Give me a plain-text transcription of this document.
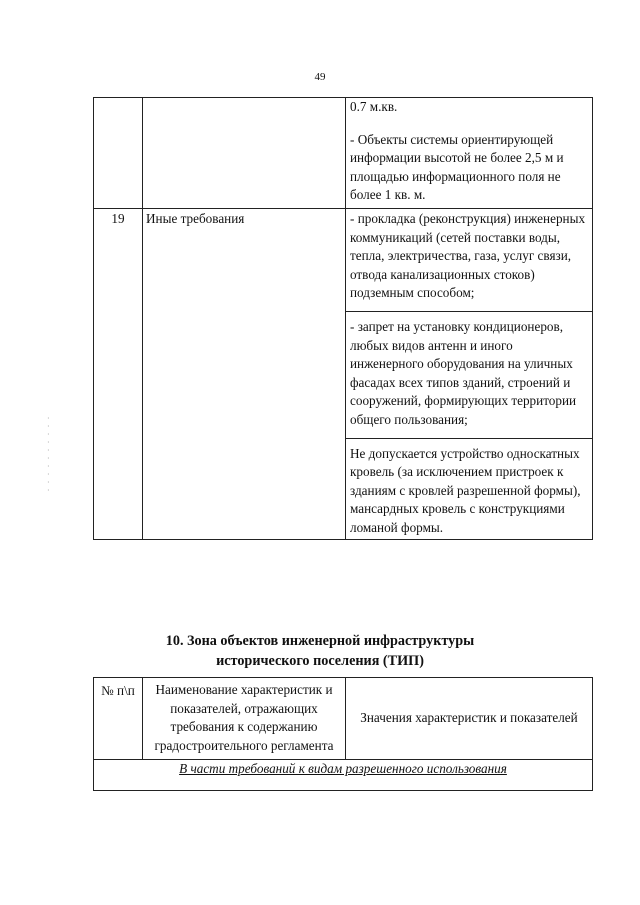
49

		0.7 м.кв.
- Объекты системы ориентирующей информации высотой не более 2,5 м и площадью информационного поля не более 1 кв. м.

19	Иные требования	- прокладка (реконструкция) инженерных коммуникаций (сетей поставки воды, тепла, электричества, газа, услуг связи, отвода канализационных стоков) подземным способом;
- запрет на установку кондиционеров, любых видов антенн и иного инженерного оборудования на уличных фасадах всех типов зданий, строений и сооружений, формирующих территории общего пользования;
Не допускается устройство односкатных кровель (за исключением пристроек к зданиям с кровлей разрешенной формы), мансардных кровель с конструкциями ломаной формы.
·
·
·
·
·
·
·
·
·
·
10. Зона объектов инженерной инфраструктуры
исторического поселения (ТИП)
№ п\п	Наименование характеристик и показателей, отражающих требования к содержанию градостроительного регламента	Значения характеристик и показателей
В части требований к видам разрешенного использования
